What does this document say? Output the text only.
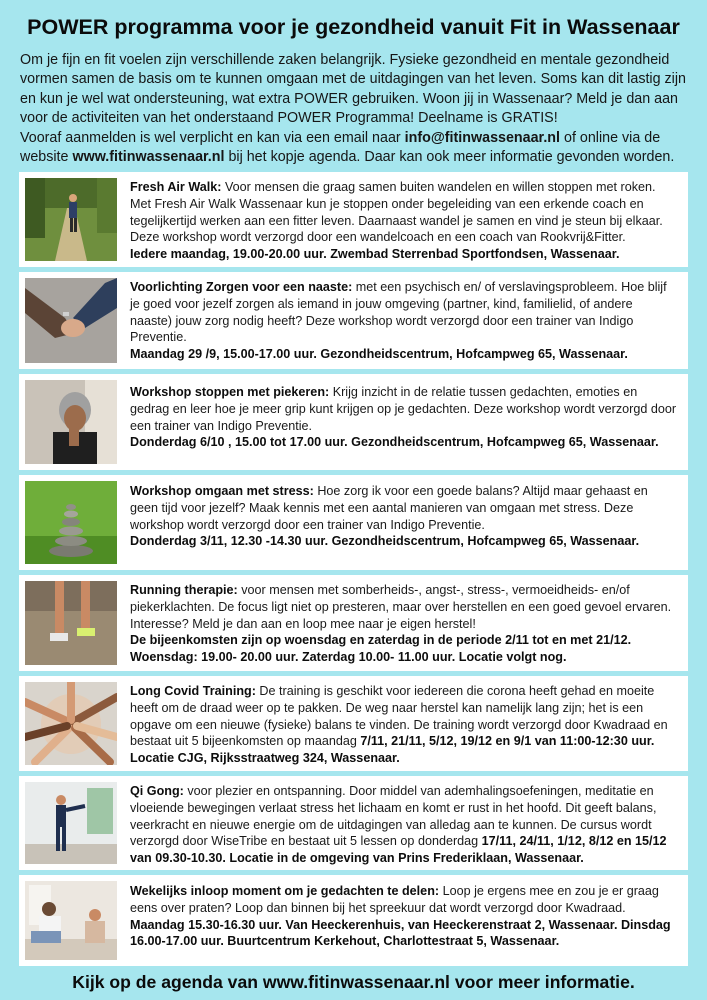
POWER programma voor je gezondheid vanuit Fit in Wassenaar
Om je fijn en fit voelen zijn verschillende zaken belangrijk. Fysieke gezondheid en mentale gezondheid vormen samen de basis om te kunnen omgaan met de uitdagingen van het leven. Soms kan dit lastig zijn en kun je wel wat ondersteuning, wat extra POWER gebruiken. Woon jij in Wassenaar? Meld je dan aan voor de activiteiten van het onderstaand POWER Programma! Deelname is GRATIS!
Vooraf aanmelden is wel verplicht en kan via een email naar info@fitinwassenaar.nl of online via de website www.fitinwassenaar.nl bij het kopje agenda. Daar kan ook meer informatie gevonden worden.
Fresh Air Walk: Voor mensen die graag samen buiten wandelen en willen stoppen met roken. Met Fresh Air Walk Wassenaar kun je stoppen onder begeleiding van een erkende coach en tegelijkertijd werken aan een fitter leven. Daarnaast wandel je samen en vind je steun bij elkaar. Deze workshop wordt verzorgd door een wandelcoach en een coach van Rookvrij&Fitter.
Iedere maandag, 19.00-20.00 uur. Zwembad Sterrenbad Sportfondsen, Wassenaar.
Voorlichting Zorgen voor een naaste: met een psychisch en/ of verslavingsprobleem. Hoe blijf je goed voor jezelf zorgen als iemand in jouw omgeving (partner, kind, familielid, of andere naaste) jouw zorg nodig heeft? Deze workshop wordt verzorgd door een trainer van Indigo Preventie.
Maandag 29 /9, 15.00-17.00 uur. Gezondheidscentrum, Hofcampweg 65, Wassenaar.
Workshop stoppen met piekeren: Krijg inzicht in de relatie tussen gedachten, emoties en gedrag en leer hoe je meer grip kunt krijgen op je gedachten. Deze workshop wordt verzorgd door een trainer van Indigo Preventie.
Donderdag 6/10 , 15.00 tot 17.00 uur. Gezondheidscentrum, Hofcampweg 65, Wassenaar.
Workshop omgaan met stress: Hoe zorg ik voor een goede balans? Altijd maar gehaast en geen tijd voor jezelf? Maak kennis met een aantal manieren van omgaan met stress. Deze workshop wordt verzorgd door een trainer van Indigo Preventie.
Donderdag 3/11, 12.30 -14.30 uur. Gezondheidscentrum, Hofcampweg 65, Wassenaar.
Running therapie: voor mensen met somberheids-, angst-, stress-, vermoeidheids- en/of piekerklachten. De focus ligt niet op presteren, maar over herstellen en een goed gevoel ervaren. Interesse? Meld je dan aan en loop mee naar je eigen herstel!
De bijeenkomsten zijn op woensdag en zaterdag in de periode 2/11 tot en met 21/12. Woensdag: 19.00- 20.00 uur. Zaterdag 10.00- 11.00 uur. Locatie volgt nog.
Long Covid Training: De training is geschikt voor iedereen die corona heeft gehad en moeite heeft om de draad weer op te pakken. De weg naar herstel kan namelijk lang zijn; het is een opgave om een nieuwe (fysieke) balans te vinden. De training wordt verzorgd door Kwadraad en bestaat uit 5 bijeenkomsten op maandag 7/11, 21/11, 5/12, 19/12 en 9/1 van 11:00-12:30 uur. Locatie CJG, Rijksstraatweg 324, Wassenaar.
Qi Gong: voor plezier en ontspanning. Door middel van ademhalingsoefeningen, meditatie en vloeiende bewegingen verlaat stress het lichaam en komt er rust in het hoofd. Dit geeft balans, veerkracht en nieuwe energie om de uitdagingen van alledag aan te kunnen. De cursus wordt verzorgd door WiseTribe en bestaat uit 5 lessen op donderdag 17/11, 24/11, 1/12, 8/12 en 15/12 van 09.30-10.30. Locatie in de omgeving van Prins Frederiklaan, Wassenaar.
Wekelijks inloop moment om je gedachten te delen: Loop je ergens mee en zou je er graag eens over praten? Loop dan binnen bij het spreekuur dat wordt verzorgd door Kwadraad.
Maandag 15.30-16.30 uur. Van Heeckerenhuis, van Heeckerenstraat 2, Wassenaar. Dinsdag 16.00-17.00 uur. Buurtcentrum Kerkehout, Charlottestraat 5, Wassenaar.
Kijk op de agenda van www.fitinwassenaar.nl voor meer informatie.
